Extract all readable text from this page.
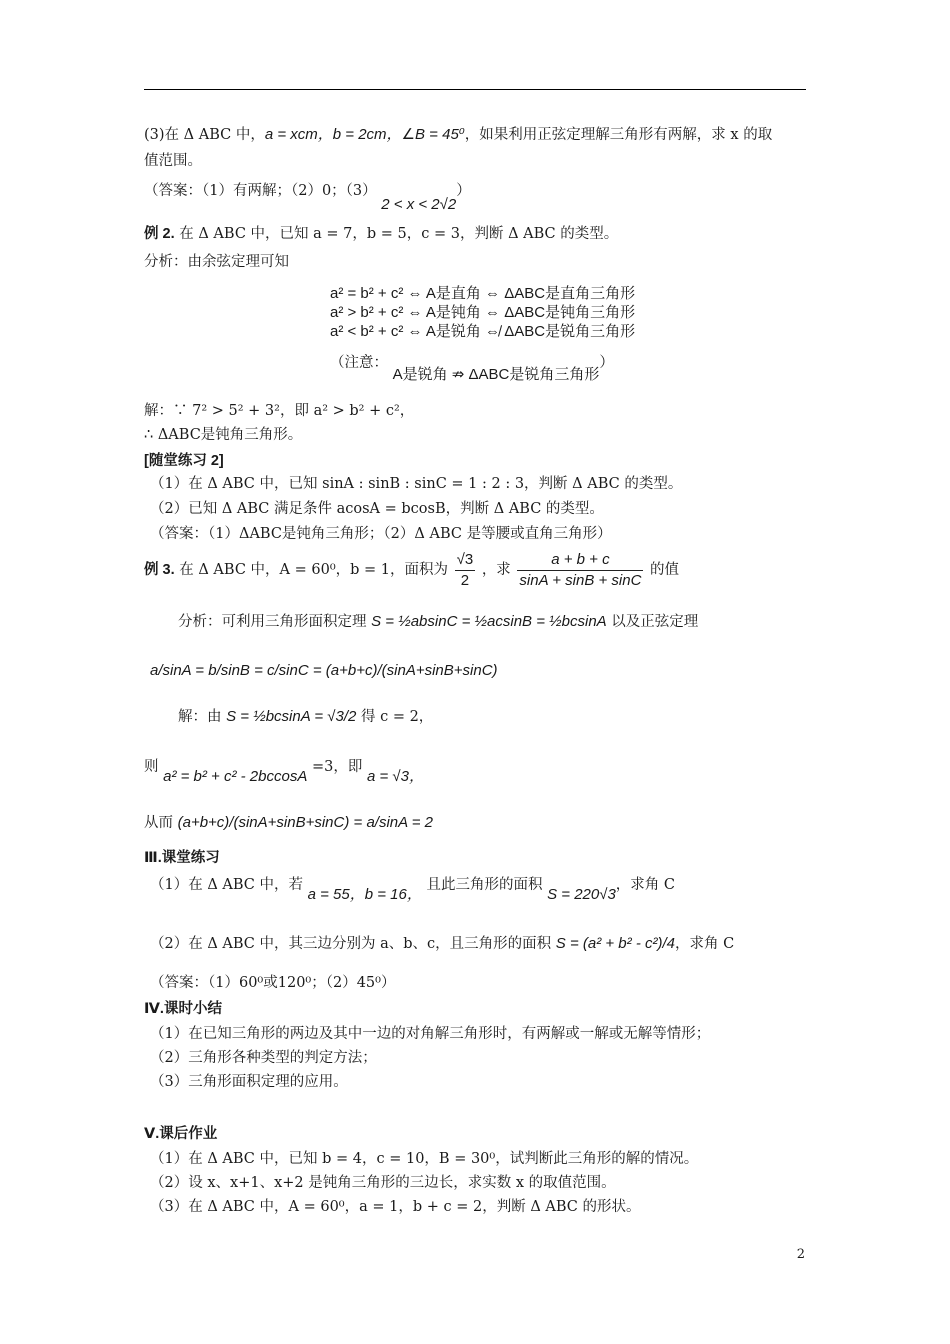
(3)在 Δ ABC 中，a = xcm，b = 2cm，∠B = 45⁰，如果利用正弦定理解三角形有两解，求 x 的取
值范围。
（答案：（1）有两解；（2）0；（3） 2 < x < 2√2）
例 2. 在 Δ ABC 中，已知 a = 7，b = 5，c = 3，判断 Δ ABC 的类型。
分析：由余弦定理可知
a² = b² + c² ⇔ A是直角 ⇔ ΔABC是直角三角形
a² > b² + c² ⇔ A是钝角 ⇔ ΔABC是钝角三角形
a² < b² + c² ⇔ A是锐角 ⇎ ΔABC是锐角三角形
（注意： A是锐角 ⇏ ΔABC是锐角三角形）
解：∵ 7² > 5² + 3²，即 a² > b² + c²，
∴ ΔABC是钝角三角形。
[随堂练习 2]
（1）在 Δ ABC 中，已知 sinA : sinB : sinC = 1 : 2 : 3，判断 Δ ABC 的类型。
（2）已知 Δ ABC 满足条件 acosA = bcosB，判断 Δ ABC 的类型。
（答案：（1）ΔABC是钝角三角形；（2）Δ ABC 是等腰或直角三角形）
例 3. 在 Δ ABC 中，A = 60⁰，b = 1，面积为 $\frac{√3}{2}$ ，求 $\frac{a + b + c}{\sin A + \sin B + \sin C}$ 的值
分析：可利用三角形面积定理 S = ½absinC = ½acsinB = ½bcsinA 以及正弦定理
a/sinA = b/sinB = c/sinC = (a+b+c)/(sinA+sinB+sinC)
解：由 S = ½bcsinA = √3/2 得 c = 2，
则 a² = b² + c² - 2bccosA =3，即 a = √3，
从而 (a+b+c)/(sinA+sinB+sinC) = a/sinA = 2
Ⅲ.课堂练习
（1）在 Δ ABC 中，若 a = 55，b = 16， 且此三角形的面积 S = 220√3，求角 C
（2）在 Δ ABC 中，其三边分别为 a、b、c，且三角形的面积 S = (a² + b² - c²)/4，求角 C
（答案：（1）60⁰或120⁰；（2）45⁰）
Ⅳ.课时小结
（1）在已知三角形的两边及其中一边的对角解三角形时，有两解或一解或无解等情形；
（2）三角形各种类型的判定方法；
（3）三角形面积定理的应用。
Ⅴ.课后作业
（1）在 Δ ABC 中，已知 b = 4，c = 10，B = 30⁰，试判断此三角形的解的情况。
（2）设 x、x+1、x+2 是钝角三角形的三边长，求实数 x 的取值范围。
（3）在 Δ ABC 中，A = 60⁰，a = 1，b + c = 2，判断 Δ ABC 的形状。
2
